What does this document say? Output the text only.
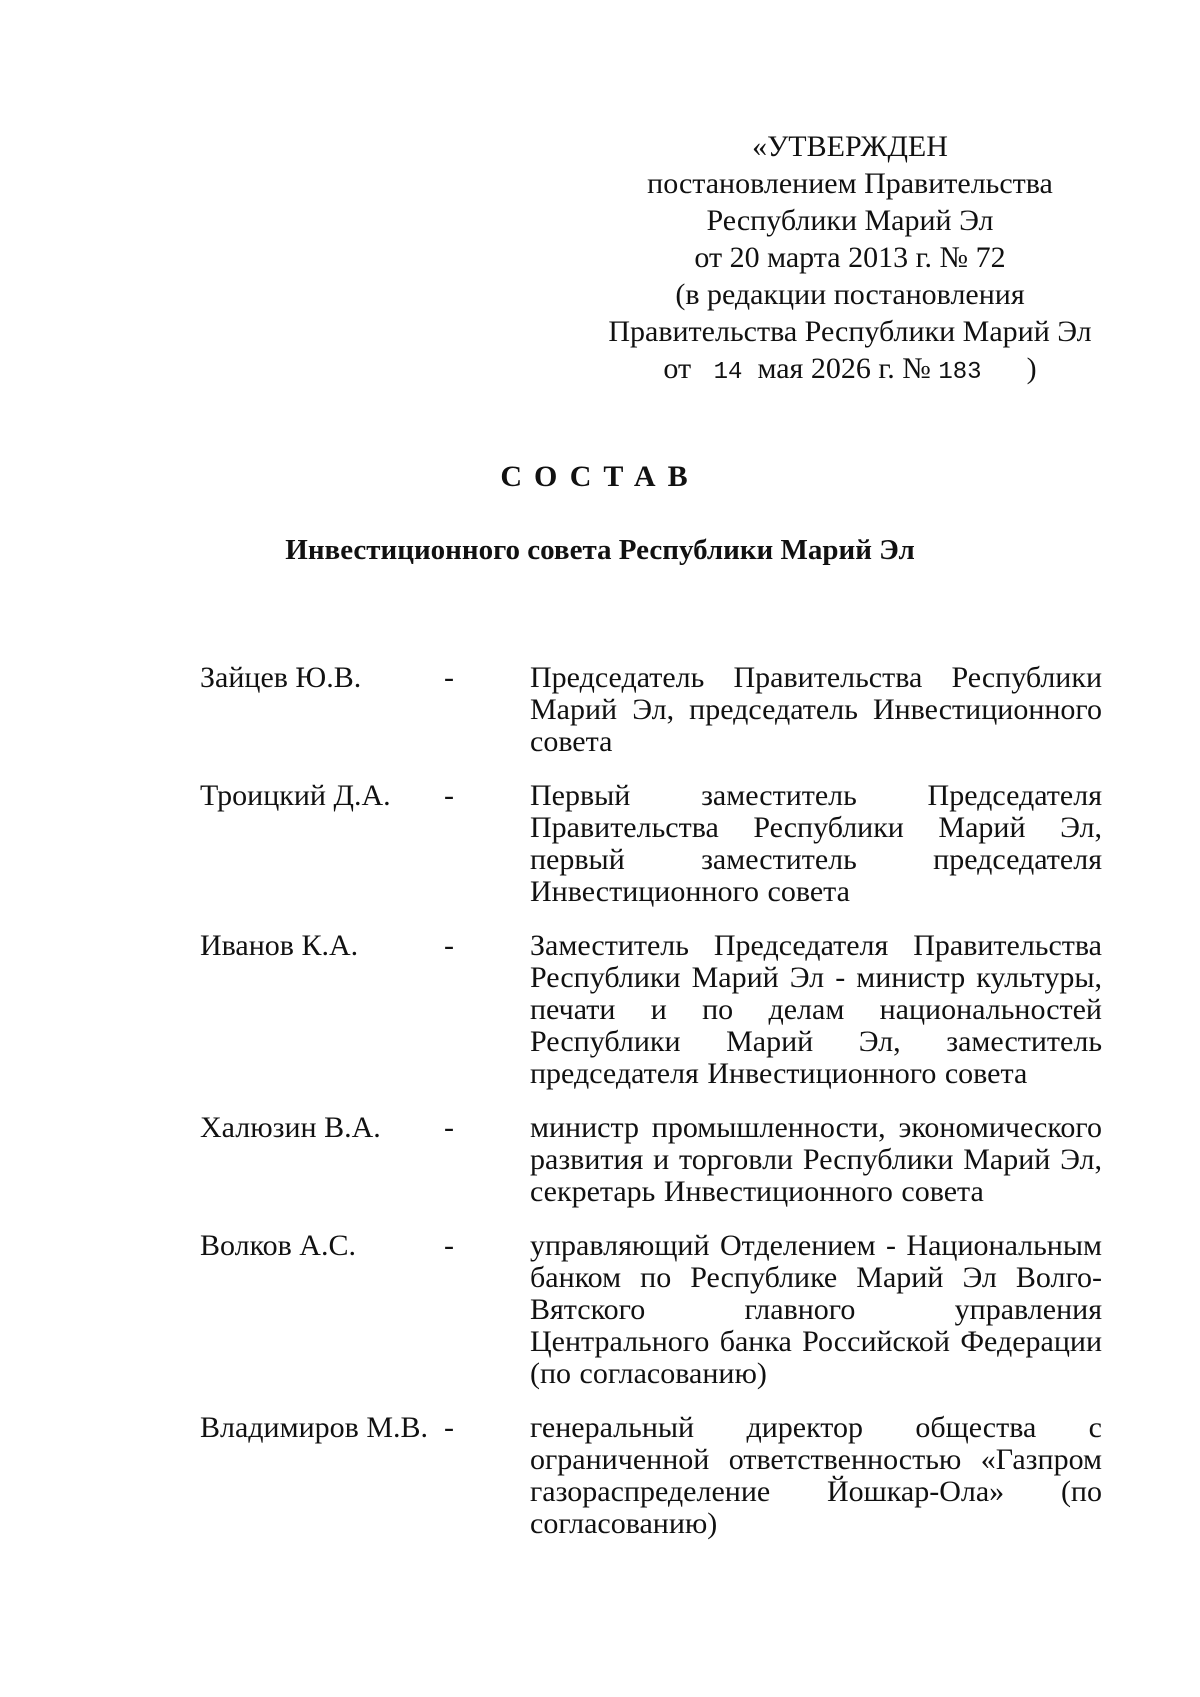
«УТВЕРЖДЕН
постановлением Правительства
Республики Марий Эл
от 20 марта 2013 г. № 72
(в редакции постановления
Правительства Республики Марий Эл
от 14 мая 2026 г. № 183 )
СОСТАВ
Инвестиционного совета Республики Марий Эл
Зайцев Ю.В.	-	Председатель Правительства Республики Марий Эл, председатель Инвестиционного совета
Троицкий Д.А. -	Первый заместитель Председателя Правительства Республики Марий Эл, первый заместитель председателя Инвестиционного совета
Иванов К.А.	-	Заместитель Председателя Правительства Республики Марий Эл - министр культуры, печати и по делам национальностей Республики Марий Эл, заместитель председателя Инвестиционного совета
Халюзин В.А. -	министр промышленности, экономического развития и торговли Республики Марий Эл, секретарь Инвестиционного совета
Волков А.С.	-	управляющий Отделением - Национальным банком по Республике Марий Эл Волго-Вятского главного управления Центрального банка Российской Федерации (по согласованию)
Владимиров М.В. -	генеральный директор общества с ограниченной ответственностью «Газпром газораспределение Йошкар-Ола» (по согласованию)
